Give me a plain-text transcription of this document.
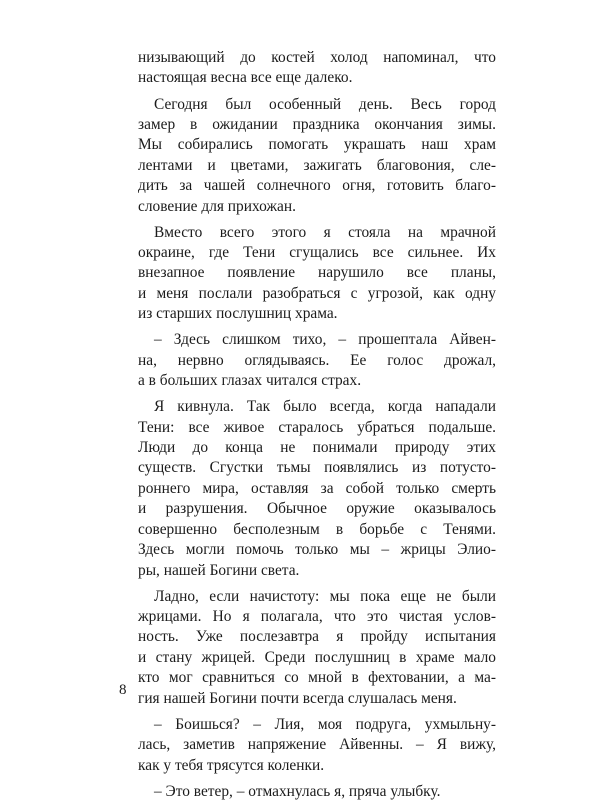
низывающий до костей холод напоминал, что
настоящая весна все еще далеко.

Сегодня был особенный день. Весь город
замер в ожидании праздника окончания зимы.
Мы собирались помогать украшать наш храм
лентами и цветами, зажигать благовония, сле-
дить за чашей солнечного огня, готовить благо-
словение для прихожан.

Вместо всего этого я стояла на мрачной
окраине, где Тени сгущались все сильнее. Их
внезапное появление нарушило все планы,
и меня послали разобраться с угрозой, как одну
из старших послушниц храма.

– Здесь слишком тихо, – прошептала Айвен-
на, нервно оглядываясь. Ее голос дрожал,
а в больших глазах читался страх.

Я кивнула. Так было всегда, когда нападали
Тени: все живое старалось убраться подальше.
Люди до конца не понимали природу этих
существ. Сгустки тьмы появлялись из потусто-
роннего мира, оставляя за собой только смерть
и разрушения. Обычное оружие оказывалось
совершенно бесполезным в борьбе с Тенями.
Здесь могли помочь только мы – жрицы Элио-
ры, нашей Богини света.

Ладно, если начистоту: мы пока еще не были
жрицами. Но я полагала, что это чистая услов-
ность. Уже послезавтра я пройду испытания
и стану жрицей. Среди послушниц в храме мало
кто мог сравниться со мной в фехтовании, а ма-
гия нашей Богини почти всегда слушалась меня.

– Боишься? – Лия, моя подруга, ухмыльну-
лась, заметив напряжение Айвенны. – Я вижу,
как у тебя трясутся коленки.

– Это ветер, – отмахнулась я, пряча улыбку.

8
